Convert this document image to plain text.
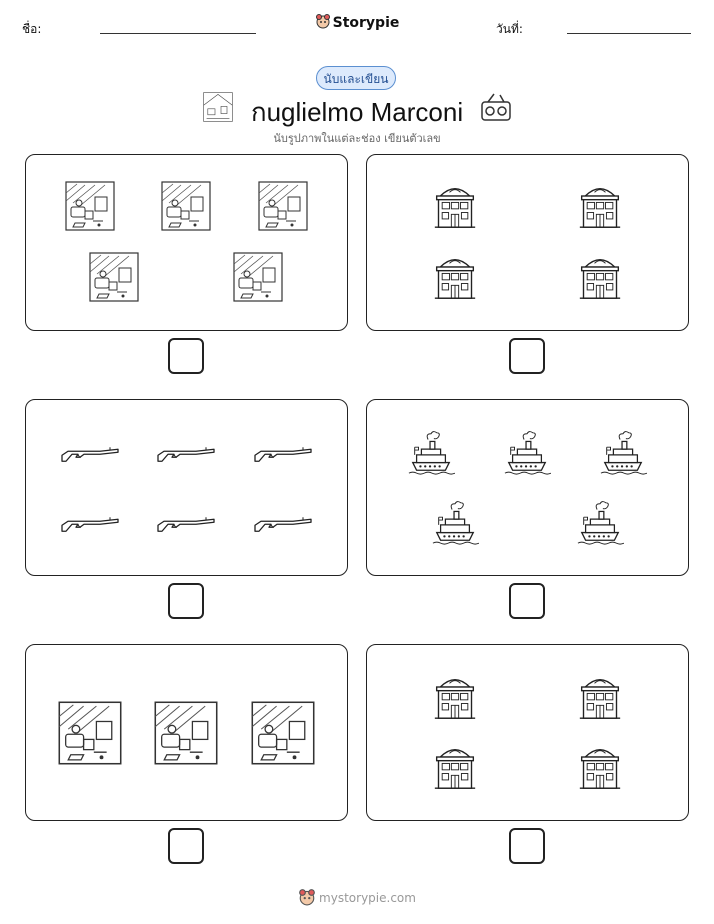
ชื่อ:	Storypie	วันที่:
นับและเขียน
กuglielmo Marconi
นับรูปภาพในแต่ละช่อง เขียนตัวเลข
mystorypie.com
